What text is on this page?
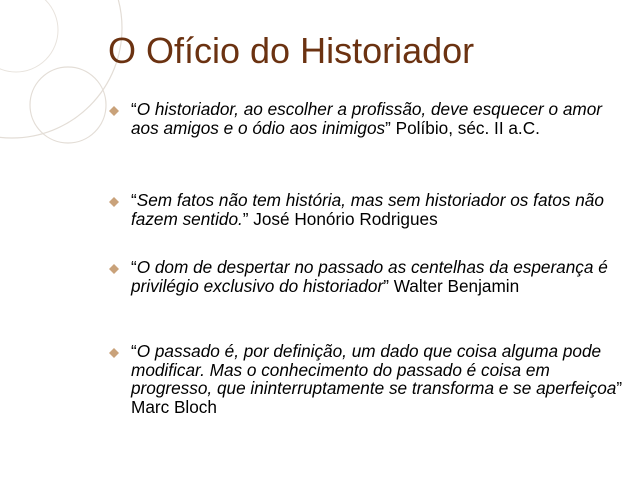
O Ofício do Historiador
“O historiador, ao escolher a profissão, deve esquecer o amor aos amigos e o ódio aos inimigos” Políbio, séc. II a.C.
“Sem fatos não tem história, mas sem historiador os fatos não fazem sentido.” José Honório Rodrigues
“O dom de despertar no passado as centelhas da esperança é privilégio exclusivo do historiador” Walter Benjamin
“O passado é, por definição, um dado que coisa alguma pode modificar. Mas o conhecimento do passado é coisa em progresso, que ininterruptamente se transforma e se aperfeiçoa” Marc Bloch
